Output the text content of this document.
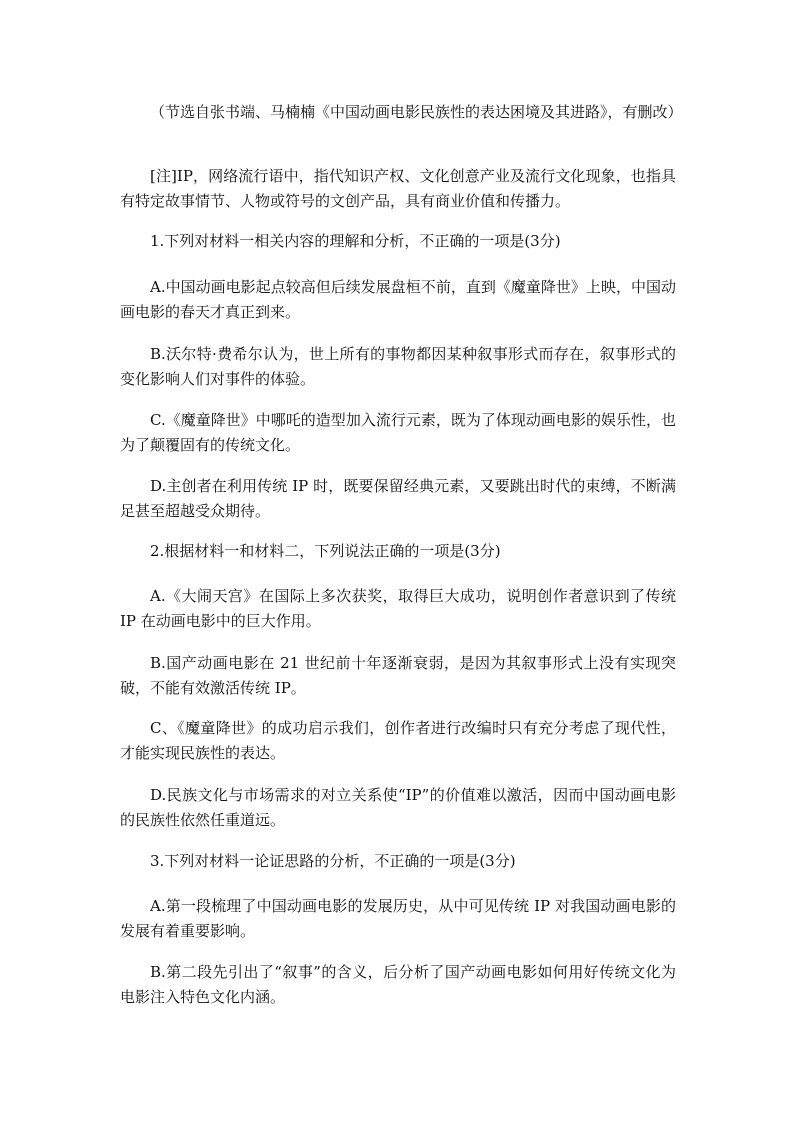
（节选自张书端、马楠楠《中国动画电影民族性的表达困境及其进路》，有删改）

[注]IP，网络流行语中，指代知识产权、文化创意产业及流行文化现象，也指具有特定故事情节、人物或符号的文创产品，具有商业价值和传播力。

1.下列对材料一相关内容的理解和分析，不正确的一项是(3分)

A.中国动画电影起点较高但后续发展盘桓不前，直到《魔童降世》上映，中国动画电影的春天才真正到来。

B.沃尔特·费希尔认为，世上所有的事物都因某种叙事形式而存在，叙事形式的变化影响人们对事件的体验。

C.《魔童降世》中哪吒的造型加入流行元素，既为了体现动画电影的娱乐性，也为了颠覆固有的传统文化。

D.主创者在利用传统 IP 时，既要保留经典元素，又要跳出时代的束缚，不断满足甚至超越受众期待。

2.根据材料一和材料二，下列说法正确的一项是(3分)

A.《大闹天宫》在国际上多次获奖，取得巨大成功，说明创作者意识到了传统 IP 在动画电影中的巨大作用。

B.国产动画电影在 21 世纪前十年逐渐衰弱，是因为其叙事形式上没有实现突破，不能有效激活传统 IP。

C、《魔童降世》的成功启示我们，创作者进行改编时只有充分考虑了现代性，才能实现民族性的表达。

D.民族文化与市场需求的对立关系使“IP”的价值难以激活，因而中国动画电影的民族性依然任重道远。

3.下列对材料一论证思路的分析，不正确的一项是(3分)

A.第一段梳理了中国动画电影的发展历史，从中可见传统 IP 对我国动画电影的发展有着重要影响。

B.第二段先引出了“叙事”的含义，后分析了国产动画电影如何用好传统文化为电影注入特色文化内涵。
